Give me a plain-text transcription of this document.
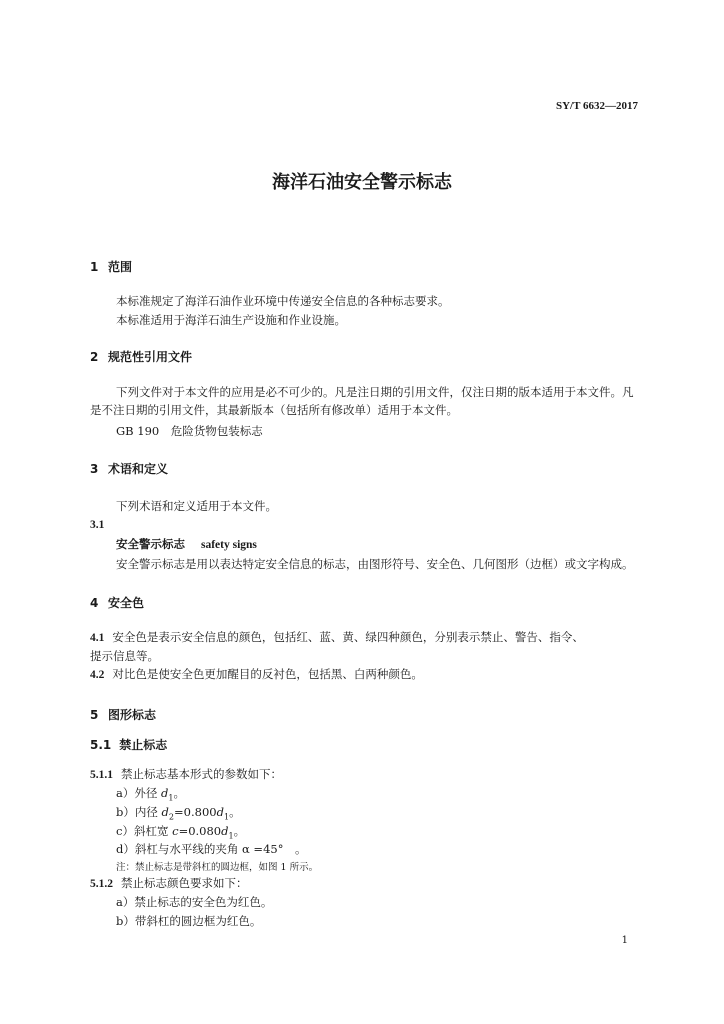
SY/T 6632—2017
海洋石油安全警示标志
1 范围
本标准规定了海洋石油作业环境中传递安全信息的各种标志要求。
本标准适用于海洋石油生产设施和作业设施。
2 规范性引用文件
下列文件对于本文件的应用是必不可少的。凡是注日期的引用文件，仅注日期的版本适用于本文件。凡是不注日期的引用文件，其最新版本（包括所有修改单）适用于本文件。
GB 190　危险货物包装标志
3 术语和定义
下列术语和定义适用于本文件。
3.1
安全警示标志 safety signs
安全警示标志是用以表达特定安全信息的标志，由图形符号、安全色、几何图形（边框）或文字构成。
4 安全色
4.1 安全色是表示安全信息的颜色，包括红、蓝、黄、绿四种颜色，分别表示禁止、警告、指令、
提示信息等。
4.2 对比色是使安全色更加醒目的反衬色，包括黑、白两种颜色。
5 图形标志
5.1 禁止标志
5.1.1 禁止标志基本形式的参数如下：
a）外径 $d_1$。
b）内径 $d_2=0.800d_1$。
c）斜杠宽 $c=0.080d_1$。
d）斜杠与水平线的夹角 α =45°　。
注：禁止标志是带斜杠的圆边框，如图 1 所示。
5.1.2 禁止标志颜色要求如下：
a）禁止标志的安全色为红色。
b）带斜杠的圆边框为红色。
1
